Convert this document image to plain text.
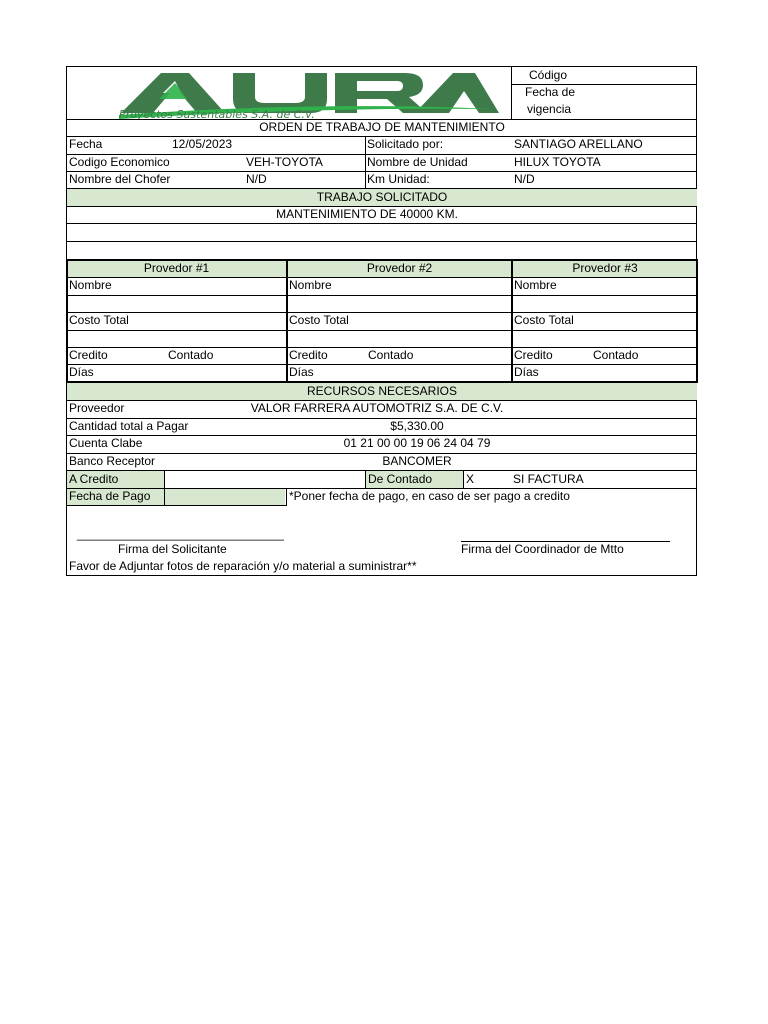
Proyectos Sustentables S.A. de C.V.
Código
Fecha de
vigencia
ORDEN DE TRABAJO DE MANTENIMIENTO
Fecha	12/05/2023	Solicitado por:	SANTIAGO ARELLANO
Codigo Economico	VEH-TOYOTA	Nombre de Unidad	HILUX TOYOTA
Nombre del Chofer	N/D	Km Unidad:	N/D
TRABAJO SOLICITADO
MANTENIMIENTO DE 40000 KM.
Provedor #1	Provedor #2	Provedor #3
Nombre	Nombre	Nombre
Costo Total	Costo Total	Costo Total
Credito	Contado	Credito	Contado	Credito	Contado
Días	Días	Días
RECURSOS NECESARIOS
Proveedor	VALOR FARRERA AUTOMOTRIZ S.A. DE C.V.
Cantidad total a Pagar	$5,330.00
Cuenta Clabe	01 21 00 00 19 06 24 04 79
Banco Receptor	BANCOMER
A Credito	De Contado	X	SI FACTURA
Fecha de Pago	*Poner fecha de pago, en caso de ser pago a credito
_______________________________
Firma del Solicitante	Firma del Coordinador de Mtto
Favor de Adjuntar fotos de reparación y/o material a suministrar**
